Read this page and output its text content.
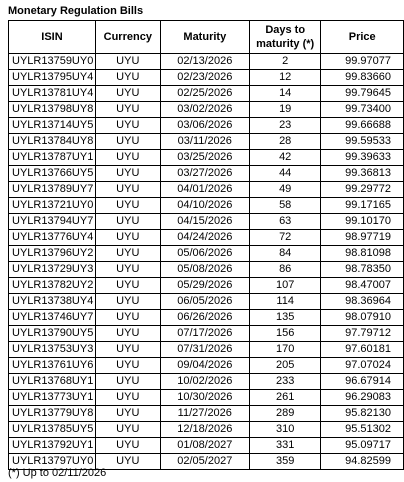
Monetary Regulation Bills
ISIN	Currency	Maturity	Days to maturity (*)	Price
UYLR13759UY0	UYU	02/13/2026	2	99.97077
UYLR13795UY4	UYU	02/23/2026	12	99.83660
UYLR13781UY4	UYU	02/25/2026	14	99.79645
UYLR13798UY8	UYU	03/02/2026	19	99.73400
UYLR13714UY5	UYU	03/06/2026	23	99.66688
UYLR13784UY8	UYU	03/11/2026	28	99.59533
UYLR13787UY1	UYU	03/25/2026	42	99.39633
UYLR13766UY5	UYU	03/27/2026	44	99.36813
UYLR13789UY7	UYU	04/01/2026	49	99.29772
UYLR13721UY0	UYU	04/10/2026	58	99.17165
UYLR13794UY7	UYU	04/15/2026	63	99.10170
UYLR13776UY4	UYU	04/24/2026	72	98.97719
UYLR13796UY2	UYU	05/06/2026	84	98.81098
UYLR13729UY3	UYU	05/08/2026	86	98.78350
UYLR13782UY2	UYU	05/29/2026	107	98.47007
UYLR13738UY4	UYU	06/05/2026	114	98.36964
UYLR13746UY7	UYU	06/26/2026	135	98.07910
UYLR13790UY5	UYU	07/17/2026	156	97.79712
UYLR13753UY3	UYU	07/31/2026	170	97.60181
UYLR13761UY6	UYU	09/04/2026	205	97.07024
UYLR13768UY1	UYU	10/02/2026	233	96.67914
UYLR13773UY1	UYU	10/30/2026	261	96.29083
UYLR13779UY8	UYU	11/27/2026	289	95.82130
UYLR13785UY5	UYU	12/18/2026	310	95.51302
UYLR13792UY1	UYU	01/08/2027	331	95.09717
UYLR13797UY0	UYU	02/05/2027	359	94.82599
(*) Up to 02/11/2026
